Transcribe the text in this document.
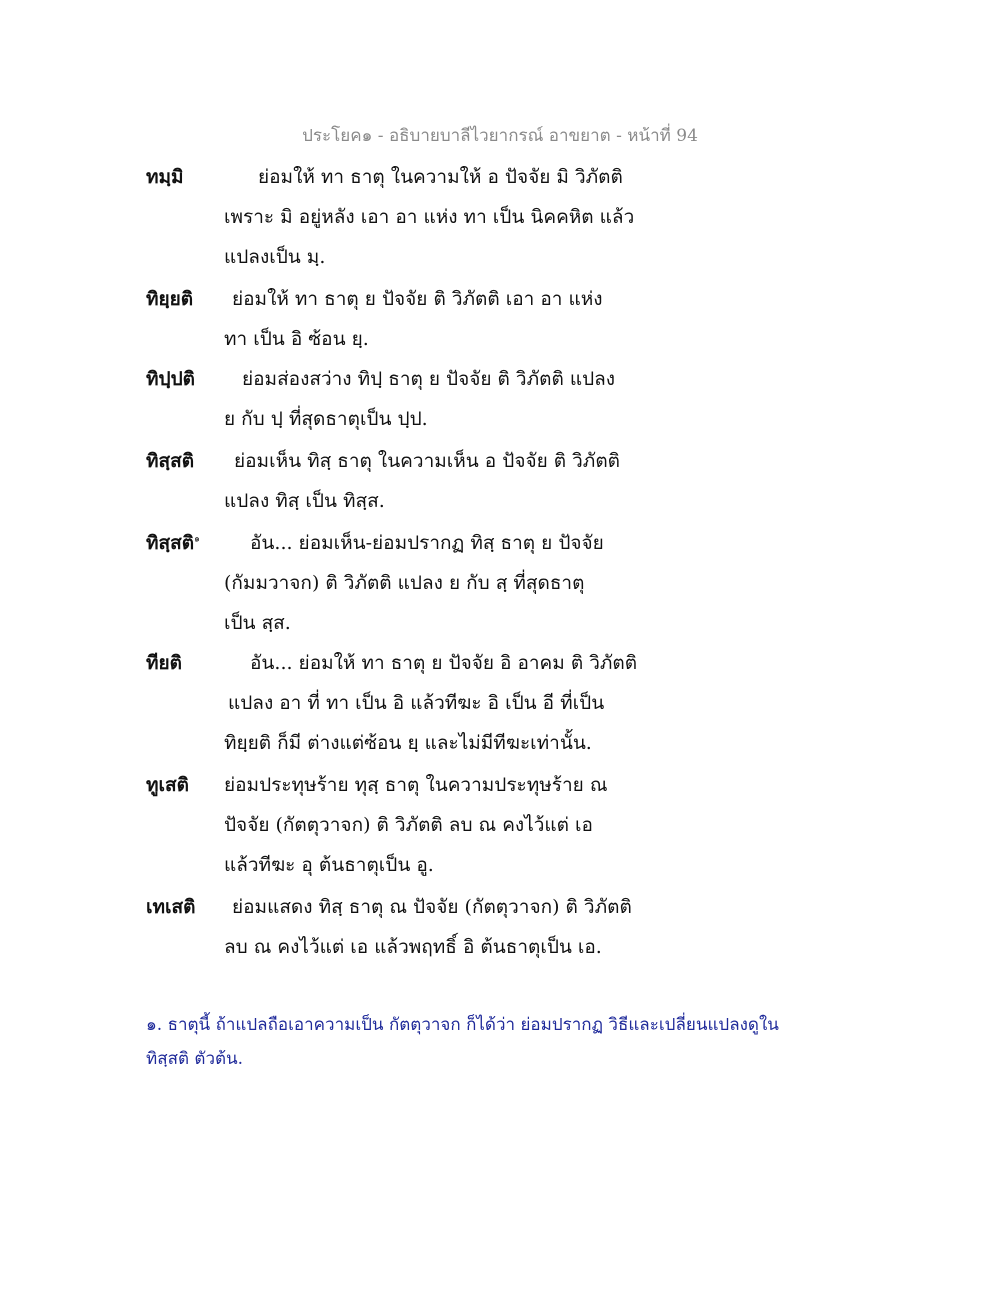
ประโยค๑ - อธิบายบาลีไวยากรณ์ อาขยาต - หน้าที่ 94
ทมฺมิ	ย่อมให้ ทา ธาตุ ในความให้ อ ปัจจัย มิ วิภัตติ
เพราะ มิ อยู่หลัง เอา อา แห่ง ทา เป็น นิคคหิต แล้ว
แปลงเป็น มฺ.
ทิยฺยติ ย่อมให้ ทา ธาตุ ย ปัจจัย ติ วิภัตติ เอา อา แห่ง
ทา เป็น อิ ซ้อน ยฺ.
ทิปฺปติ ย่อมส่องสว่าง ทิปฺ ธาตุ ย ปัจจัย ติ วิภัตติ แปลง
ย กับ ปฺ ที่สุดธาตุเป็น ปฺป.
ทิสฺสติ ย่อมเห็น ทิสฺ ธาตุ ในความเห็น อ ปัจจัย ติ วิภัตติ
แปลง ทิสฺ เป็น ทิสฺส.
ทิสฺสติ$^๑$	อัน... ย่อมเห็น-ย่อมปรากฏ ทิสฺ ธาตุ ย ปัจจัย
(กัมมวาจก) ติ วิภัตติ แปลง ย กับ สฺ ที่สุดธาตุ
เป็น สฺส.
ทียติ	อัน... ย่อมให้ ทา ธาตุ ย ปัจจัย อิ อาคม ติ วิภัตติ
แปลง อา ที่ ทา เป็น อิ แล้วทีฆะ อิ เป็น อี ที่เป็น
ทิยฺยติ ก็มี ต่างแต่ซ้อน ยฺ และไม่มีทีฆะเท่านั้น.
ทูเสติ ย่อมประทุษร้าย ทุสฺ ธาตุ ในความประทุษร้าย ณ
ปัจจัย (กัตตุวาจก) ติ วิภัตติ ลบ ณ คงไว้แต่ เอ
แล้วทีฆะ อุ ต้นธาตุเป็น อู.
เทเสติ ย่อมแสดง ทิสฺ ธาตุ ณ ปัจจัย (กัตตุวาจก) ติ วิภัตติ
ลบ ณ คงไว้แต่ เอ แล้วพฤทธิ์ อิ ต้นธาตุเป็น เอ.
๑. ธาตุนี้ ถ้าแปลถือเอาความเป็น กัตตุวาจก ก็ได้ว่า ย่อมปรากฏ วิธีและเปลี่ยนแปลงดูใน ทิสฺสติ ตัวต้น.
